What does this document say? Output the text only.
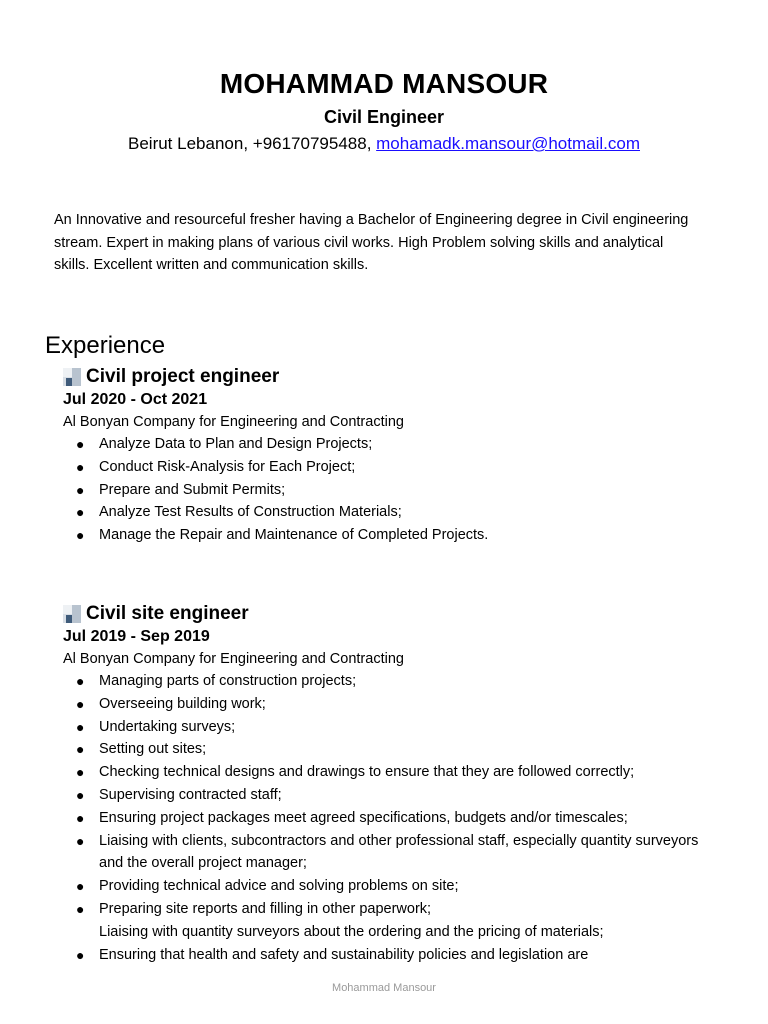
MOHAMMAD MANSOUR
Civil Engineer
Beirut Lebanon, +96170795488, mohamadk.mansour@hotmail.com
An Innovative and resourceful fresher having a Bachelor of Engineering degree in Civil engineering stream. Expert in making plans of various civil works. High Problem solving skills and analytical skills. Excellent written and communication skills.
Experience
Civil project engineer
Jul 2020 - Oct 2021
Al Bonyan Company for Engineering and Contracting
● Analyze Data to Plan and Design Projects;
● Conduct Risk-Analysis for Each Project;
● Prepare and Submit Permits;
● Analyze Test Results of Construction Materials;
● Manage the Repair and Maintenance of Completed Projects.
Civil site engineer
Jul 2019 - Sep 2019
Al Bonyan Company for Engineering and Contracting
● Managing parts of construction projects;
● Overseeing building work;
● Undertaking surveys;
● Setting out sites;
● Checking technical designs and drawings to ensure that they are followed correctly;
● Supervising contracted staff;
● Ensuring project packages meet agreed specifications, budgets and/or timescales;
● Liaising with clients, subcontractors and other professional staff, especially quantity surveyors and the overall project manager;
● Providing technical advice and solving problems on site;
● Preparing site reports and filling in other paperwork;
Liaising with quantity surveyors about the ordering and the pricing of materials;
● Ensuring that health and safety and sustainability policies and legislation are
Mohammad Mansour
